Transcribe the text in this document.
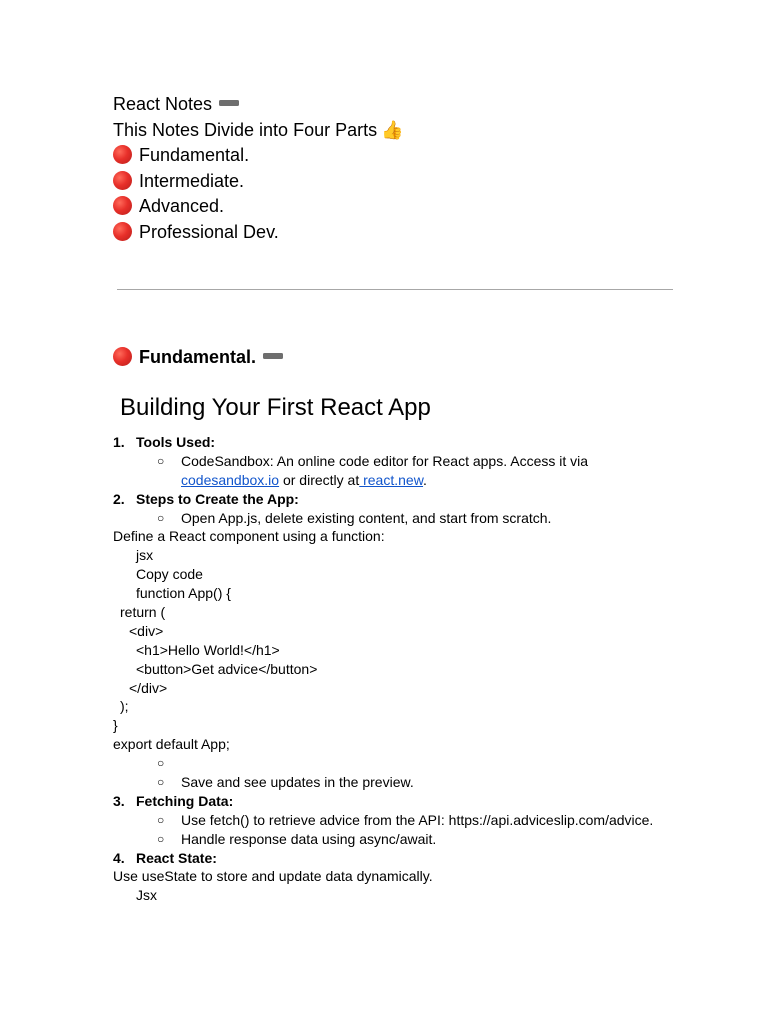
React Notes
This Notes Divide into Four Parts 👍
Fundamental.
Intermediate.
Advanced.
Professional Dev.
Fundamental.
Building Your First React App
1. Tools Used:
○ CodeSandbox: An online code editor for React apps. Access it via
codesandbox.io or directly at react.new.
2. Steps to Create the App:
○ Open App.js, delete existing content, and start from scratch.
Define a React component using a function:
jsx
Copy code
function App() {
return (
<div>
<h1>Hello World!</h1>
<button>Get advice</button>
</div>
);
}
export default App;
○
○ Save and see updates in the preview.
3. Fetching Data:
○ Use fetch() to retrieve advice from the API: https://api.adviceslip.com/advice.
○ Handle response data using async/await.
4. React State:
Use useState to store and update data dynamically.
Jsx
